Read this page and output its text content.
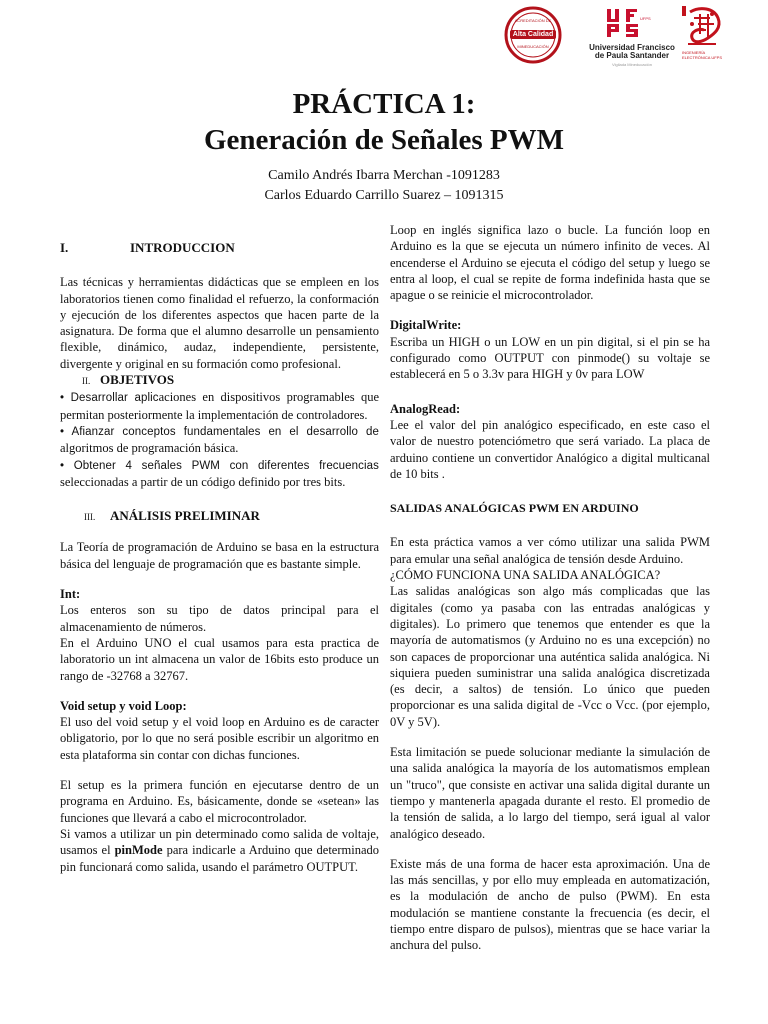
ACREDITACIÓN DE
Alta Calidad
MINEDUCACIÓN
UFPS
Universidad Francisco
de Paula Santander
Vigilada Mineducación
INGENIERÍA
ELECTRÓNICA UFPS
PRÁCTICA 1:
Generación de Señales PWM
Camilo Andrés Ibarra Merchan -1091283
Carlos Eduardo Carrillo Suarez – 1091315
I.	INTRODUCCION

Las técnicas y herramientas didácticas que se empleen en los laboratorios tienen como finalidad el refuerzo, la conformación y ejecución de los diferentes aspectos que hacen parte de la asignatura. De forma que el alumno desarrolle un pensamiento flexible, dinámico, audaz, independiente, persistente, divergente y original en su formación como profesional.

II. OBJETIVOS

• Desarrollar aplicaciones en dispositivos programables que permitan posteriormente la implementación de controladores.

• Afianzar conceptos fundamentales en el desarrollo de algoritmos de programación básica.

• Obtener 4 señales PWM con diferentes frecuencias seleccionadas a partir de un código definido por tres bits.

III. ANÁLISIS PRELIMINAR

La Teoría de programación de Arduino se basa en la estructura básica del lenguaje de programación que es bastante simple.

Int:

Los enteros son su tipo de datos principal para el almacenamiento de números.

En el Arduino UNO el cual usamos para esta practica de laboratorio un int almacena un valor de 16bits esto produce un rango de -32768 a 32767.

Void setup y void Loop:

El uso del void setup y el void loop en Arduino es de caracter obligatorio, por lo que no será posible escribir un algoritmo en esta plataforma sin contar con dichas funciones.

El setup es la primera función en ejecutarse dentro de un programa en Arduino. Es, básicamente, donde se «setean» las funciones que llevará a cabo el microcontrolador.

Si vamos a utilizar un pin determinado como salida de voltaje, usamos el pinMode para indicarle a Arduino que determinado pin funcionará como salida, usando el parámetro OUTPUT.

Loop en inglés significa lazo o bucle. La función loop en Arduino es la que se ejecuta un número infinito de veces. Al encenderse el Arduino se ejecuta el código del setup y luego se entra al loop, el cual se repite de forma indefinida hasta que se apague o se reinicie el microcontrolador.

DigitalWrite:

Escriba un HIGH o un LOW en un pin digital, si el pin se ha configurado como OUTPUT con pinmode() su voltaje se establecerá en 5 o 3.3v para HIGH y 0v para LOW

AnalogRead:

Lee el valor del pin analógico especificado, en este caso el valor de nuestro potenciómetro que será variado. La placa de arduino contiene un convertidor Analógico a digital multicanal de 10 bits .

SALIDAS ANALÓGICAS PWM EN ARDUINO

En esta práctica vamos a ver cómo utilizar una salida PWM para emular una señal analógica de tensión desde Arduino.

¿CÓMO FUNCIONA UNA SALIDA ANALÓGICA?

Las salidas analógicas son algo más complicadas que las digitales (como ya pasaba con las entradas analógicas y digitales). Lo primero que tenemos que entender es que la mayoría de automatismos (y Arduino no es una excepción) no son capaces de proporcionar una auténtica salida analógica. Ni siquiera pueden suministrar una salida analógica discretizada (es decir, a saltos) de tensión. Lo único que pueden proporcionar es una salida digital de -Vcc o Vcc. (por ejemplo, 0V y 5V).

Esta limitación se puede solucionar mediante la simulación de una salida analógica la mayoría de los automatismos emplean un "truco", que consiste en activar una salida digital durante un tiempo y mantenerla apagada durante el resto. El promedio de la tensión de salida, a lo largo del tiempo, será igual al valor analógico deseado.

Existe más de una forma de hacer esta aproximación. Una de las más sencillas, y por ello muy empleada en automatización, es la modulación de ancho de pulso (PWM). En esta modulación se mantiene constante la frecuencia (es decir, el tiempo entre disparo de pulsos), mientras que se hace variar la anchura del pulso.
